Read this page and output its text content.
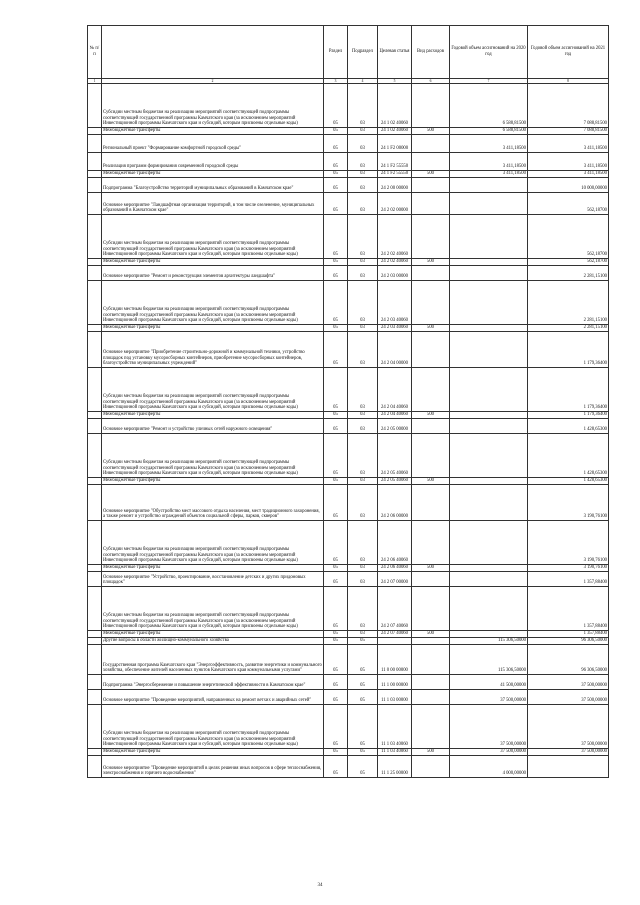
№ п/п		Раздел	Подраздел	Целевая статья	Вид расходов	Годовой объем ассигнований на 2020 год	Годовой объем ассигнований на 2021 год
1	2	3	4	5	6	7	8
	Субсидии местным бюджетам на реализацию мероприятий соответствующей подпрограммы соответствующей государственной программы Камчатского края (за исключением мероприятий Инвестиционной программы Камчатского края и субсидий, которым присвоены отдельные коды)	05	03	24 1 02 40060		6 588,81500	7 088,81500
	Межбюджетные трансферты	05	03	24 1 02 40060	500	6 588,81500	7 088,81500
	Региональный проект "Формирование комфортной городской среды"	05	03	24 1 F2 00000		3 411,18500	3 411,18500
	Реализация программ формирования современной городской среды	05	03	24 1 F2 55550		3 411,18500	3 411,18500
	Межбюджетные трансферты	05	03	24 1 F2 55550	500	3 411,18500	3 411,18500
	Подпрограмма "Благоустройство территорий муниципальных образований в Камчатском крае"	05	03	24 2 00 00000			10 000,00000
	Основное мероприятие "Ландшафтная организация территорий, в том числе озеленение, муниципальных образований в Камчатском крае"	05	03	24 2 02 00000			562,18700
	Субсидии местным бюджетам на реализацию мероприятий соответствующей подпрограммы соответствующей государственной программы Камчатского края (за исключением мероприятий Инвестиционной программы Камчатского края и субсидий, которым присвоены отдельные коды)	05	03	24 2 02 40060			562,18700
	Межбюджетные трансферты	05	03	24 2 02 40060	500		562,18700
	Основное мероприятие "Ремонт и реконструкция элементов архитектуры ландшафта"	05	03	24 2 03 00000			2 281,15100
	Субсидии местным бюджетам на реализацию мероприятий соответствующей подпрограммы соответствующей государственной программы Камчатского края (за исключением мероприятий Инвестиционной программы Камчатского края и субсидий, которым присвоены отдельные коды)	05	03	24 2 03 40060			2 281,15100
	Межбюджетные трансферты	05	03	24 2 03 40060	500		2 281,15100
	Основное мероприятие "Приобретение строительно-дорожной и коммунальной техники, устройство площадок под установку мусоросборных контейнеров, приобретение мусоросборных контейнеров, благоустройство муниципальных учреждений"	05	03	24 2 04 00000			1 179,36400
	Субсидии местным бюджетам на реализацию мероприятий соответствующей подпрограммы соответствующей государственной программы Камчатского края (за исключением мероприятий Инвестиционной программы Камчатского края и субсидий, которым присвоены отдельные коды)	05	03	24 2 04 40060			1 179,36400
	Межбюджетные трансферты	05	03	24 2 04 40060	500		1 179,36400
	Основное мероприятие "Ремонт и устройство уличных сетей наружного освещения"	05	03	24 2 05 00000			1 428,65300
	Субсидии местным бюджетам на реализацию мероприятий соответствующей подпрограммы соответствующей государственной программы Камчатского края (за исключением мероприятий Инвестиционной программы Камчатского края и субсидий, которым присвоены отдельные коды)	05	03	24 2 05 40060			1 428,65300
	Межбюджетные трансферты	05	03	24 2 05 40060	500		1 428,65300
	Основное мероприятие "Обустройство мест массового отдыха населения, мест традиционного захоронения, а также ремонт и устройство ограждений объектов социальной сферы, парков, скверов"	05	03	24 2 06 00000			3 190,76100
	Субсидии местным бюджетам на реализацию мероприятий соответствующей подпрограммы соответствующей государственной программы Камчатского края (за исключением мероприятий Инвестиционной программы Камчатского края и субсидий, которым присвоены отдельные коды)	05	03	24 2 06 40060			3 190,76100
	Межбюджетные трансферты	05	03	24 2 06 40060	500		3 190,76100
	Основное мероприятие "Устройство, проектирование, восстановление детских и других придомовых площадок"	05	03	24 2 07 00000			1 357,88400
	Субсидии местным бюджетам на реализацию мероприятий соответствующей подпрограммы соответствующей государственной программы Камчатского края (за исключением мероприятий Инвестиционной программы Камчатского края и субсидий, которым присвоены отдельные коды)	05	03	24 2 07 40060			1 357,88400
	Межбюджетные трансферты	05	03	24 2 07 40060	500		1 357,88400
	Другие вопросы в области жилищно-коммунального хозяйства	05	05			115 306,50000	96 306,50000
	Государственная программа Камчатского края "Энергоэффективность, развитие энергетики и коммунального хозяйства, обеспечение жителей населенных пунктов Камчатского края коммунальными услугами"	05	05	11 0 00 00000		115 306,50000	96 306,50000
	Подпрограмма "Энергосбережение и повышение энергетической эффективности в Камчатском крае"	05	05	11 1 00 00000		41 500,00000	37 500,00000
	Основное мероприятие "Проведение мероприятий, направленных на ремонт ветхих и аварийных сетей"	05	05	11 1 03 00000		37 500,00000	37 500,00000
	Субсидии местным бюджетам на реализацию мероприятий соответствующей подпрограммы соответствующей государственной программы Камчатского края (за исключением мероприятий Инвестиционной программы Камчатского края и субсидий, которым присвоены отдельные коды)	05	05	11 1 03 40060		37 500,00000	37 500,00000
	Межбюджетные трансферты	05	05	11 1 03 40060	500	37 500,00000	37 500,00000
	Основное мероприятие "Проведение мероприятий в целях решения иных вопросов в сфере теплоснабжения, электроснабжения и горячего водоснабжения"	05	05	11 1 25 00000		4 000,00000	
34
